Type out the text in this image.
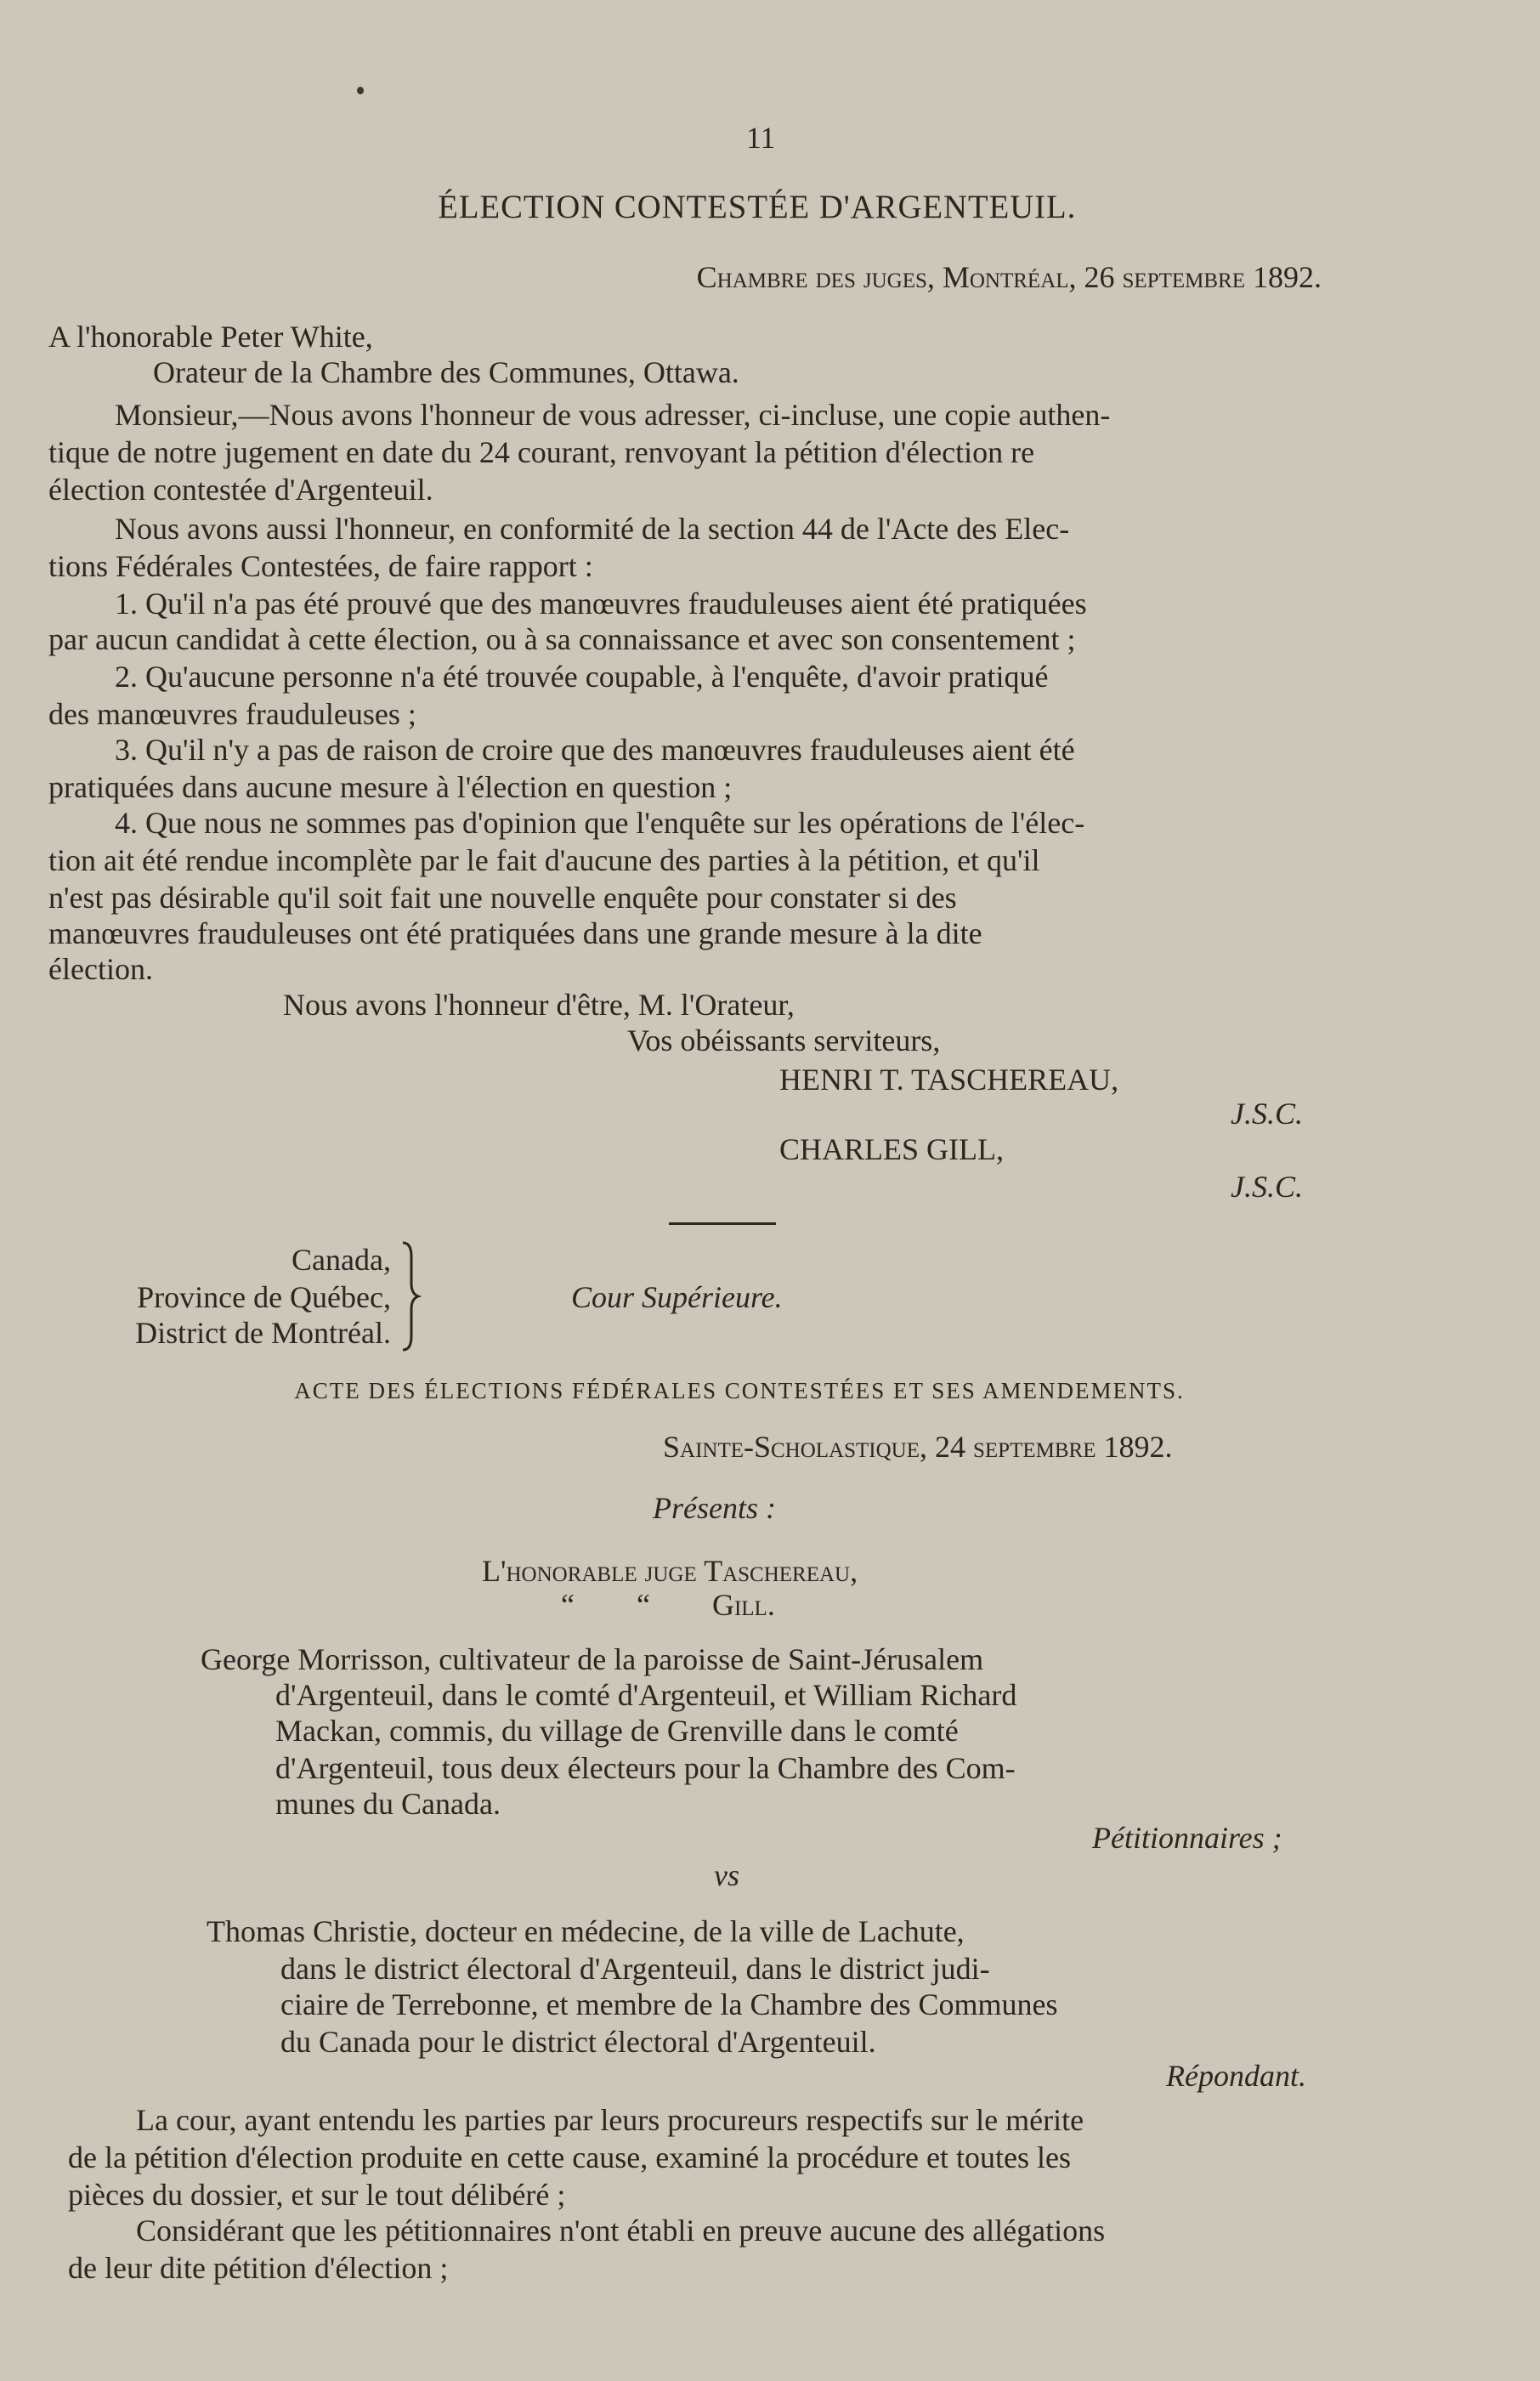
11
ÉLECTION CONTESTÉE D'ARGENTEUIL.
Chambre des juges, Montréal, 26 septembre 1892.
A l'honorable Peter White,
Orateur de la Chambre des Communes, Ottawa.
Monsieur,—Nous avons l'honneur de vous adresser, ci-incluse, une copie authen-
tique de notre jugement en date du 24 courant, renvoyant la pétition d'élection re
élection contestée d'Argenteuil.
Nous avons aussi l'honneur, en conformité de la section 44 de l'Acte des Elec-
tions Fédérales Contestées, de faire rapport :
1. Qu'il n'a pas été prouvé que des manœuvres frauduleuses aient été pratiquées
par aucun candidat à cette élection, ou à sa connaissance et avec son consentement ;
2. Qu'aucune personne n'a été trouvée coupable, à l'enquête, d'avoir pratiqué
des manœuvres frauduleuses ;
3. Qu'il n'y a pas de raison de croire que des manœuvres frauduleuses aient été
pratiquées dans aucune mesure à l'élection en question ;
4. Que nous ne sommes pas d'opinion que l'enquête sur les opérations de l'élec-
tion ait été rendue incomplète par le fait d'aucune des parties à la pétition, et qu'il
n'est pas désirable qu'il soit fait une nouvelle enquête pour constater si des
manœuvres frauduleuses ont été pratiquées dans une grande mesure à la dite
élection.
Nous avons l'honneur d'être, M. l'Orateur,
Vos obéissants serviteurs,
HENRI T. TASCHEREAU,
J.S.C.
CHARLES GILL,
J.S.C.
Canada,
Province de Québec,
District de Montréal.
Cour Supérieure.
ACTE DES ÉLECTIONS FÉDÉRALES CONTESTÉES ET SES AMENDEMENTS.
Sainte-Scholastique, 24 septembre 1892.
Présents :
L'honorable juge Taschereau,
“ “ Gill.
George Morrisson, cultivateur de la paroisse de Saint-Jérusalem
d'Argenteuil, dans le comté d'Argenteuil, et William Richard
Mackan, commis, du village de Grenville dans le comté
d'Argenteuil, tous deux électeurs pour la Chambre des Com-
munes du Canada.
Pétitionnaires ;
vs
Thomas Christie, docteur en médecine, de la ville de Lachute,
dans le district électoral d'Argenteuil, dans le district judi-
ciaire de Terrebonne, et membre de la Chambre des Communes
du Canada pour le district électoral d'Argenteuil.
Répondant.
La cour, ayant entendu les parties par leurs procureurs respectifs sur le mérite
de la pétition d'élection produite en cette cause, examiné la procédure et toutes les
pièces du dossier, et sur le tout délibéré ;
Considérant que les pétitionnaires n'ont établi en preuve aucune des allégations
de leur dite pétition d'élection ;
